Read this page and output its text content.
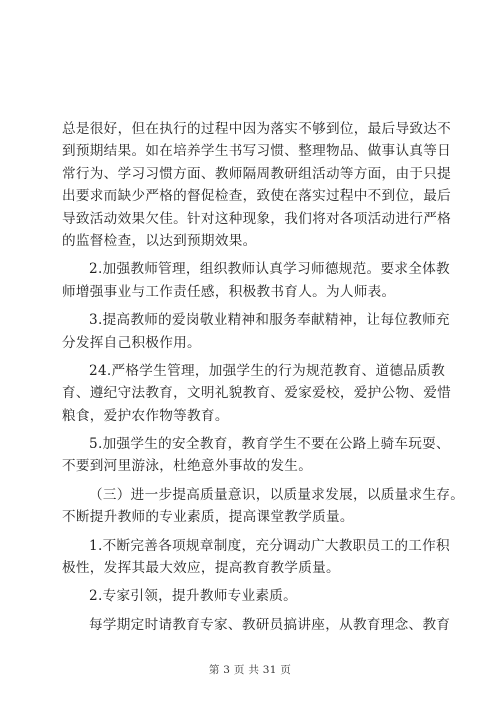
总是很好，但在执行的过程中因为落实不够到位，最后导致达不
到预期结果。如在培养学生书写习惯、整理物品、做事认真等日
常行为、学习习惯方面、教师隔周教研组活动等方面，由于只提
出要求而缺少严格的督促检查，致使在落实过程中不到位，最后
导致活动效果欠佳。针对这种现象，我们将对各项活动进行严格
的监督检查，以达到预期效果。
2.加强教师管理，组织教师认真学习师德规范。要求全体教
师增强事业与工作责任感，积极教书育人。为人师表。
3.提高教师的爱岗敬业精神和服务奉献精神，让每位教师充
分发挥自己积极作用。
24.严格学生管理，加强学生的行为规范教育、道德品质教
育、遵纪守法教育，文明礼貌教育、爱家爱校，爱护公物、爱惜
粮食，爱护农作物等教育。
5.加强学生的安全教育，教育学生不要在公路上骑车玩耍、
不要到河里游泳，杜绝意外事故的发生。
（三）进一步提高质量意识，以质量求发展，以质量求生存。
不断提升教师的专业素质，提高课堂教学质量。
1.不断完善各项规章制度，充分调动广大教职员工的工作积
极性，发挥其最大效应，提高教育教学质量。
2.专家引领，提升教师专业素质。
每学期定时请教育专家、教研员搞讲座，从教育理念、教育
第 3 页 共 31 页
